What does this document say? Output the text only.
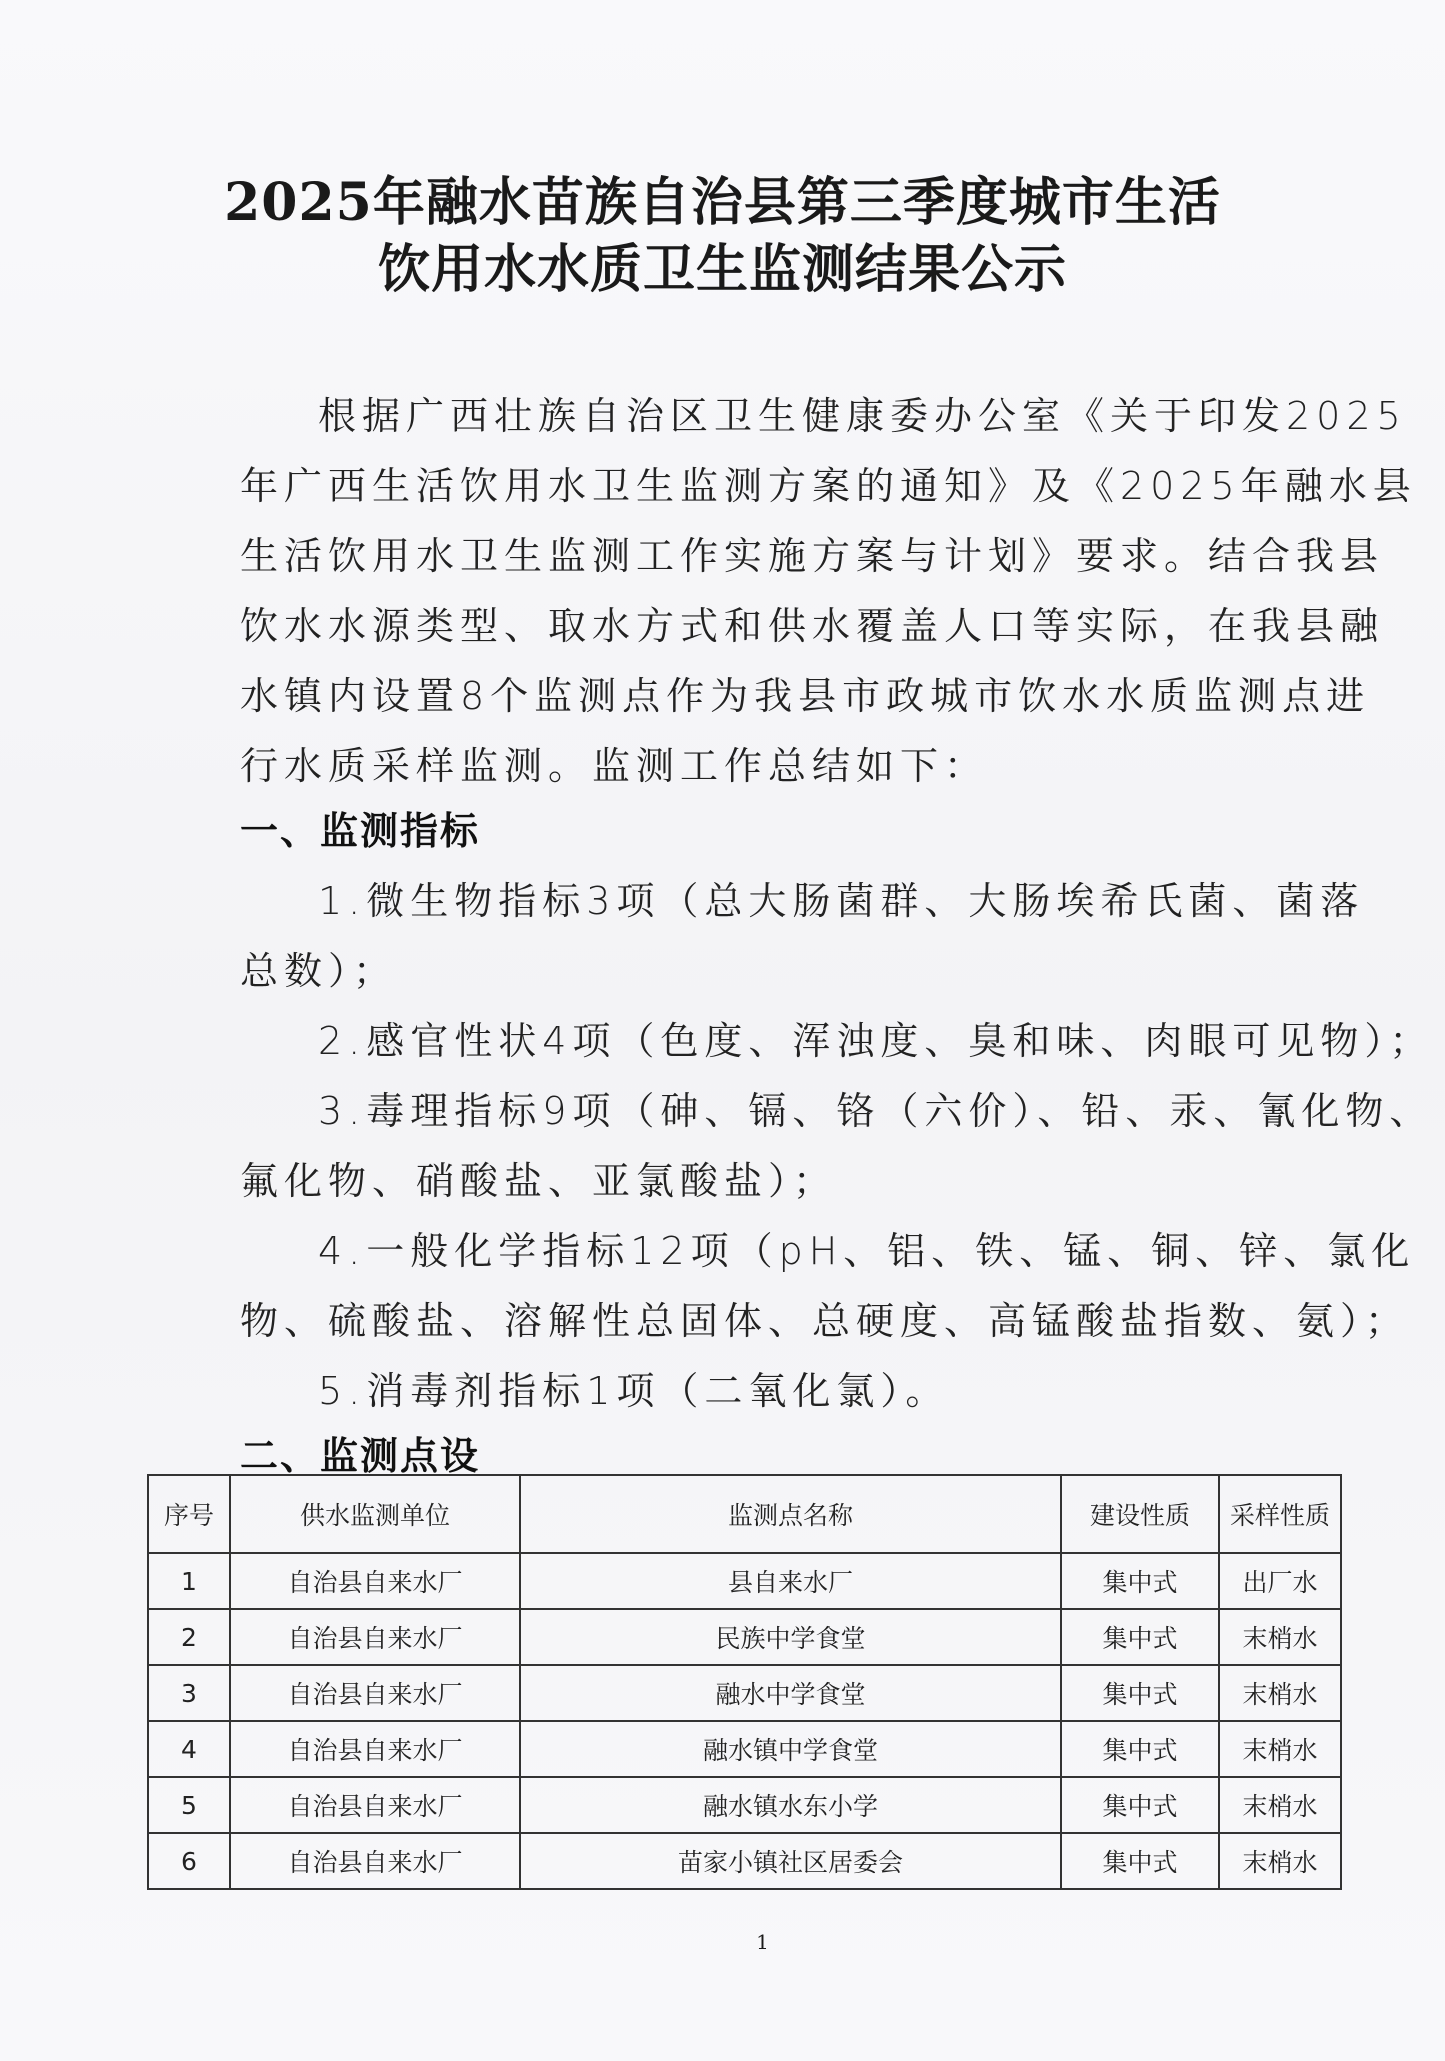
2025年融水苗族自治县第三季度城市生活
饮用水水质卫生监测结果公示
根据广西壮族自治区卫生健康委办公室《关于印发2025
年广西生活饮用水卫生监测方案的通知》及《2025年融水县
生活饮用水卫生监测工作实施方案与计划》要求。结合我县
饮水水源类型、取水方式和供水覆盖人口等实际，在我县融
水镇内设置8个监测点作为我县市政城市饮水水质监测点进
行水质采样监测。监测工作总结如下：
一、监测指标
1.微生物指标3项（总大肠菌群、大肠埃希氏菌、菌落
总数）；
2.感官性状4项（色度、浑浊度、臭和味、肉眼可见物）；
3.毒理指标9项（砷、镉、铬（六价）、铅、汞、氰化物、
氟化物、硝酸盐、亚氯酸盐）；
4.一般化学指标12项（pH、铝、铁、锰、铜、锌、氯化
物、硫酸盐、溶解性总固体、总硬度、高锰酸盐指数、氨）；
5.消毒剂指标1项（二氧化氯）。
二、监测点设
序号	供水监测单位	监测点名称	建设性质	采样性质
1	自治县自来水厂	县自来水厂	集中式	出厂水
2	自治县自来水厂	民族中学食堂	集中式	末梢水
3	自治县自来水厂	融水中学食堂	集中式	末梢水
4	自治县自来水厂	融水镇中学食堂	集中式	末梢水
5	自治县自来水厂	融水镇水东小学	集中式	末梢水
6	自治县自来水厂	苗家小镇社区居委会	集中式	末梢水
1
